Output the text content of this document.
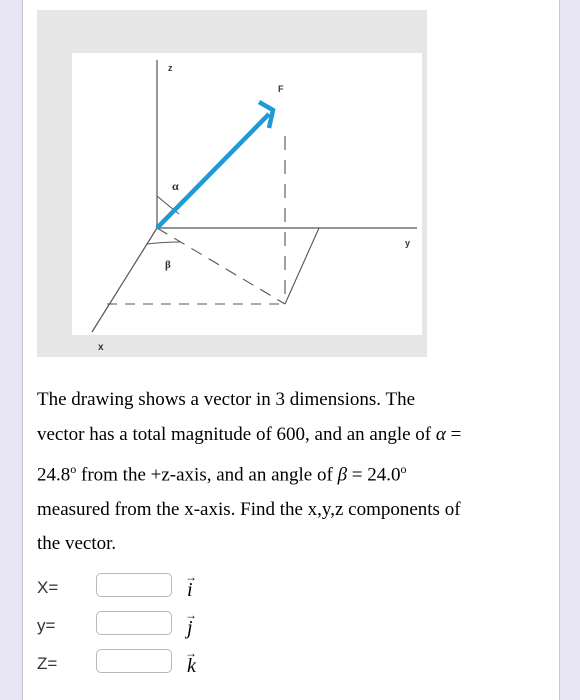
z
F
α
y
β
x

The drawing shows a vector in 3 dimensions. The

vector has a total magnitude of 600, and an angle of α =

24.8$^o$ from the +z-axis, and an angle of $\beta = 24.0^o$

measured from the x-axis. Find the x,y,z components of

the vector.

X=
→
i
y=
→
j
Z=
→
k
